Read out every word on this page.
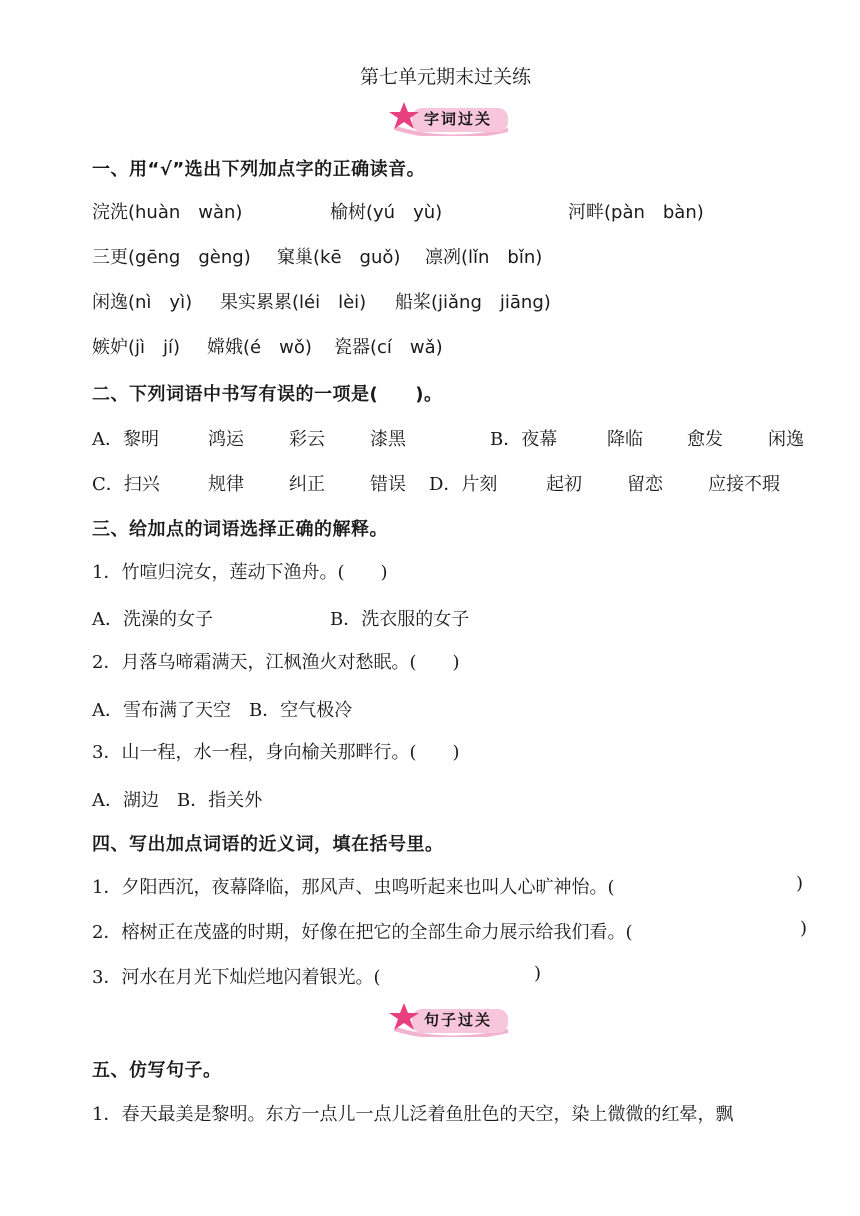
第七单元期末过关练
字词过关
一、用“√”选出下列加点字的正确读音。
浣洗(huàn　wàn)	榆树(yú　yù)	河畔(pàn　bàn)
三更(gēng　gèng) 窠巢(kē　guǒ) 凛冽(lǐn　bǐn)
闲逸(nì　yì) 果实累累(léi　lèi) 船桨(jiǎng　jiāng)
嫉妒(jì　jí) 嫦娥(é　wǒ) 瓷器(cí　wǎ)
二、下列词语中书写有误的一项是(　　)。
A．黎明	鸿运	彩云	漆黑	B．夜幕	降临 愈发	闲逸
C．扫兴	规律	纠正	错误 D．片刻	起初	留恋	应接不瑕
三、给加点的词语选择正确的解释。
1．竹喧归浣女，莲动下渔舟。(　　)
A．洗澡的女子	B．洗衣服的女子
2．月落乌啼霜满天，江枫渔火对愁眠。(　　)
A．雪布满了天空　B．空气极冷
3．山一程，水一程，身向榆关那畔行。(　　)
A．湖边　B．指关外
四、写出加点词语的近义词，填在括号里。
1．夕阳西沉，夜幕降临，那风声、虫鸣听起来也叫人心旷神怡。(	)
2．榕树正在茂盛的时期，好像在把它的全部生命力展示给我们看。(	)
3．河水在月光下灿烂地闪着银光。(	)
句子过关
五、仿写句子。
1．春天最美是黎明。东方一点儿一点儿泛着鱼肚色的天空，染上微微的红晕，飘
